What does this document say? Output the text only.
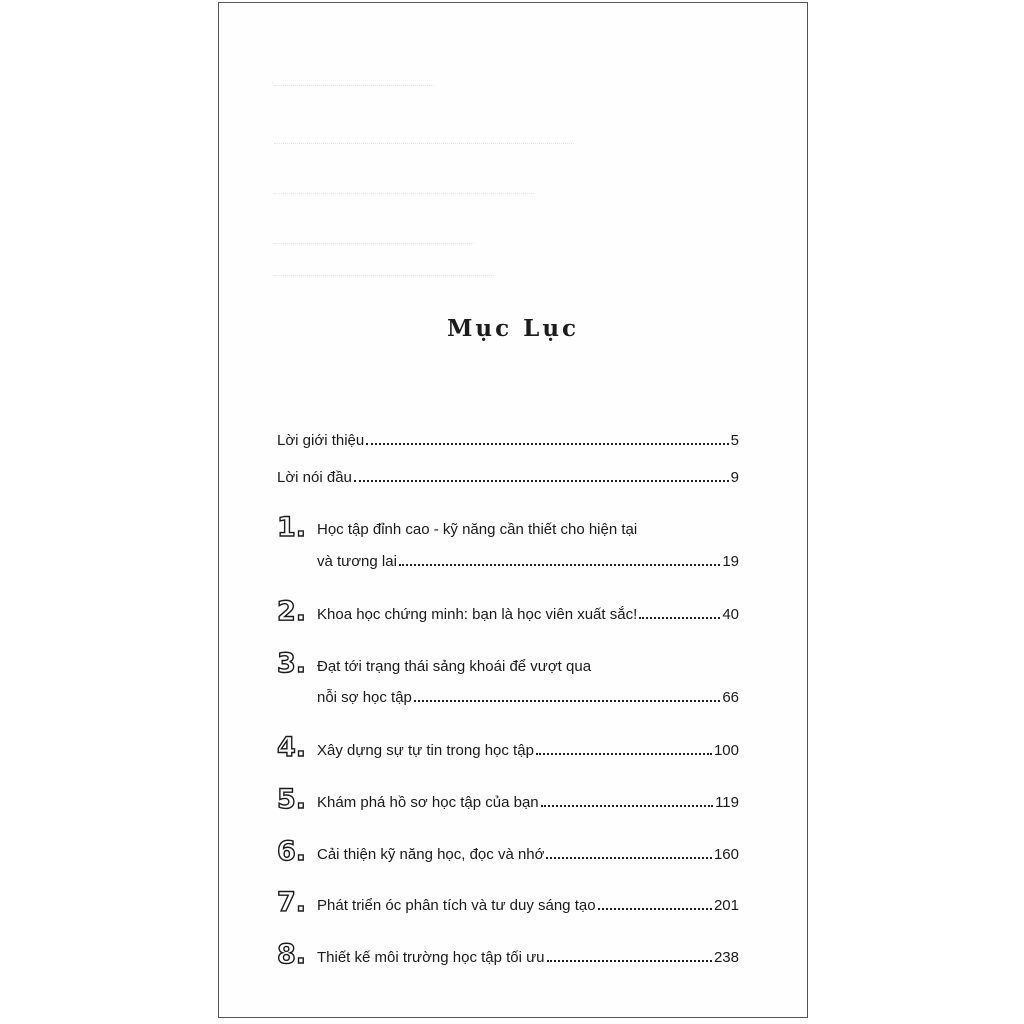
Mục Lục
Lời giới thiệu	5
Lời nói đầu	9
1. Học tập đỉnh cao - kỹ năng cần thiết cho hiện tại
và tương lai	19
2. Khoa học chứng minh: bạn là học viên xuất sắc!	40
3. Đạt tới trạng thái sảng khoái để vượt qua
nỗi sợ học tập	66
4. Xây dựng sự tự tin trong học tập	100
5. Khám phá hồ sơ học tập của bạn	119
6. Cải thiện kỹ năng học, đọc và nhớ	160
7. Phát triển óc phân tích và tư duy sáng tạo	201
8. Thiết kế môi trường học tập tối ưu	238
